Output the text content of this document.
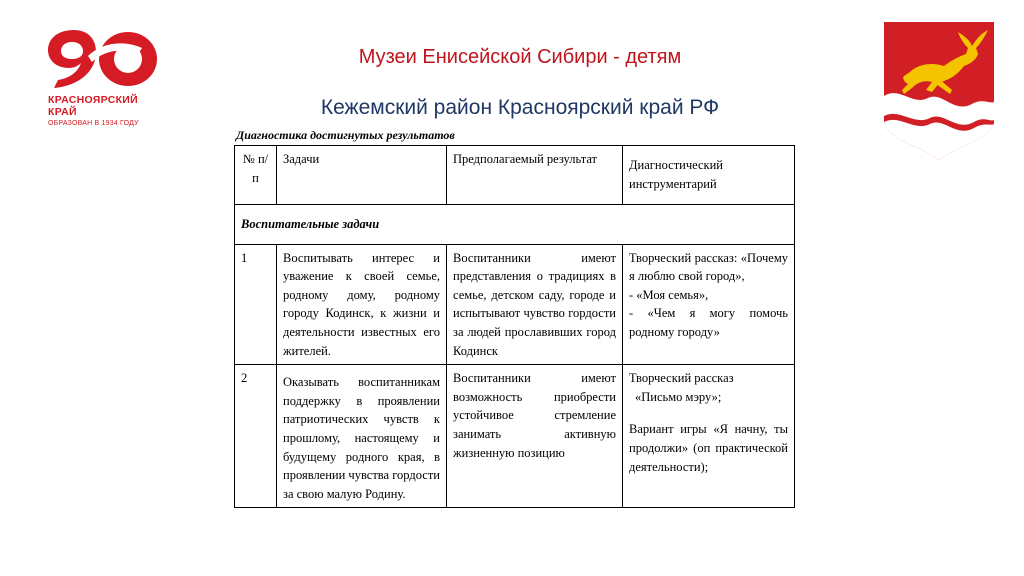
КРАСНОЯРСКИЙ
КРАЙ
ОБРАЗОВАН В 1934 ГОДУ
Музеи Енисейской Сибири - детям
Кежемский район Красноярский край РФ
Диагностика достигнутых результатов
№ п/п	Задачи	Предполагаемый результат	Диагностический инструментарий
Воспитательные задачи			
1	Воспитывать интерес и уважение к своей семье, родному дому, родному городу Кодинск, к жизни и деятельности известных его жителей.	Воспитанники имеют представления о традициях в семье, детском саду, городе и испытывают чувство гордости за людей прославивших город Кодинск	Творческий рассказ: «Почему я люблю свой город»,
- «Моя семья»,
- «Чем я могу помочь родному городу»

2	Оказывать воспитанникам поддержку в проявлении патриотических чувств к прошлому, настоящему и будущему родного края, в проявлении чувства гордости за свою малую Родину.	Воспитанники имеют возможность приобрести устойчивое стремление занимать активную жизненную позицию	Творческий рассказ
«Письмо мэру»;
Вариант игры «Я начну, ты продолжи» (оп практической деятельности);
